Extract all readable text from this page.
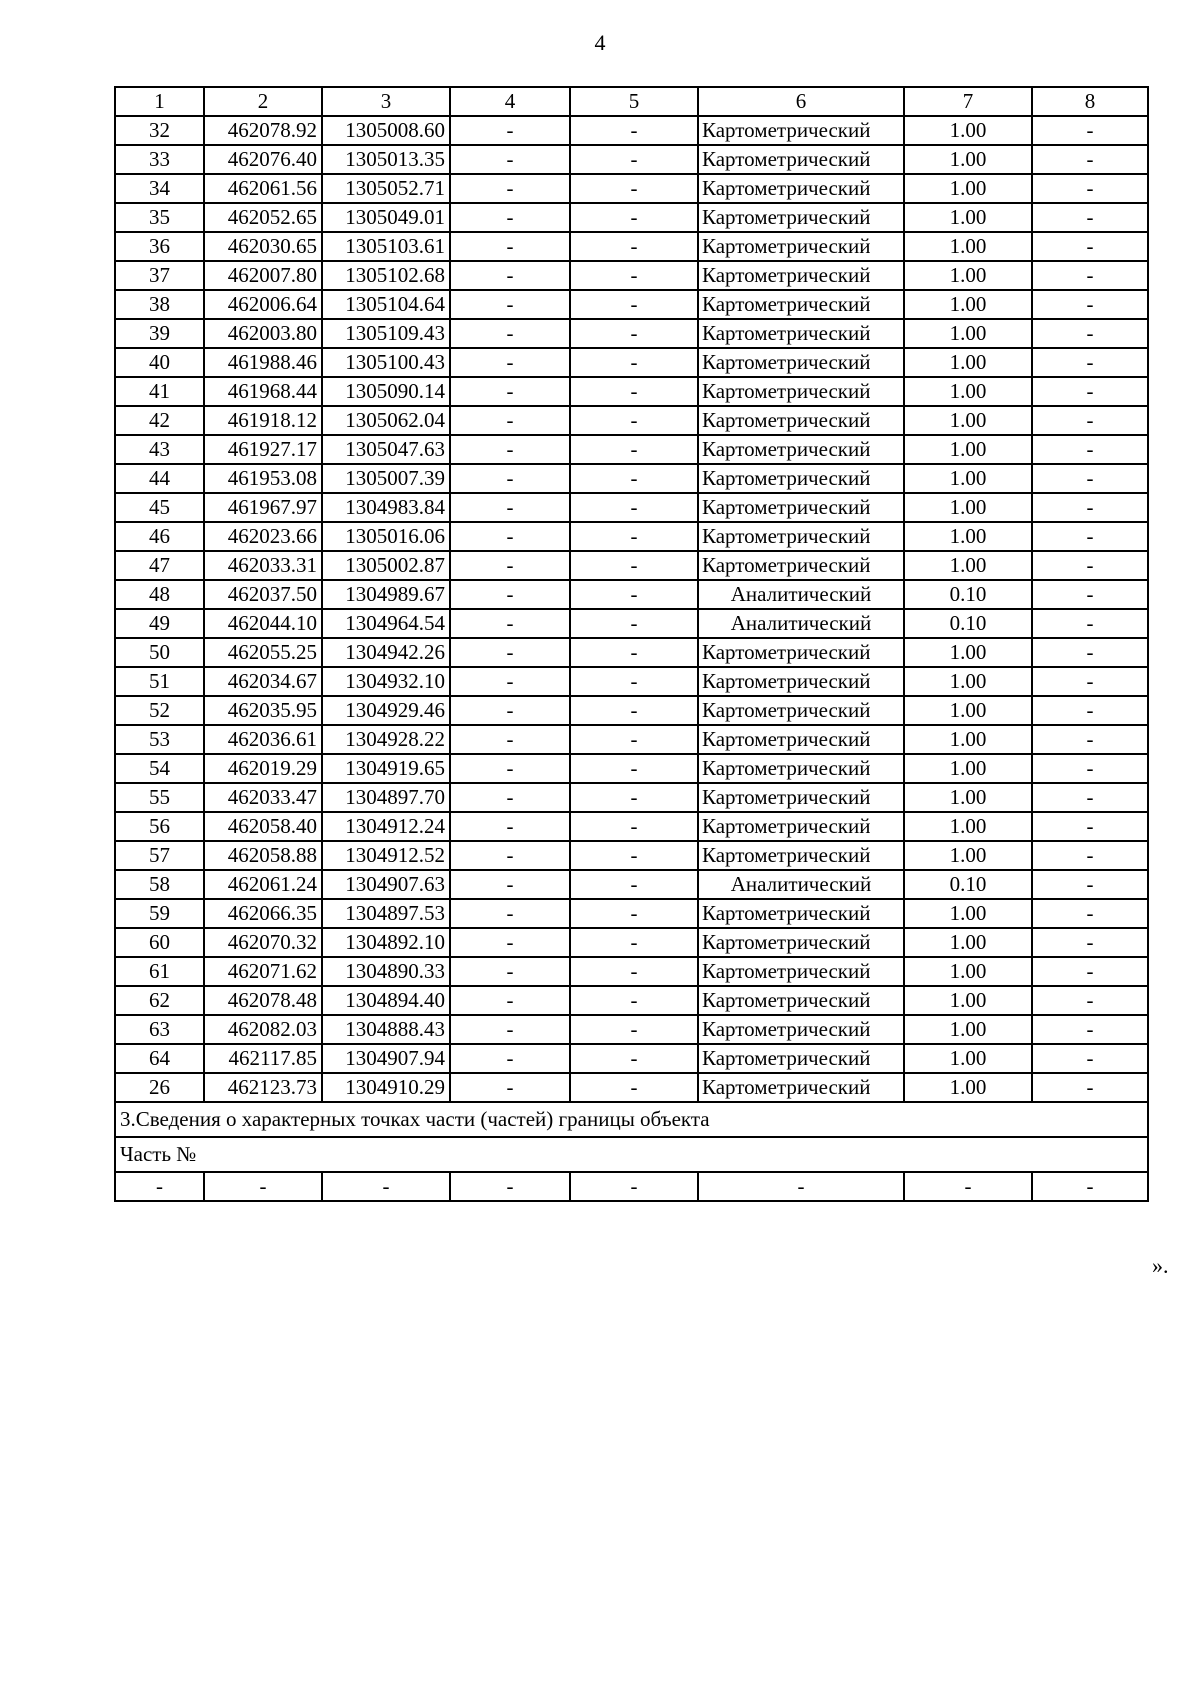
4
1	2	3	4	5	6	7	8
32	462078.92	1305008.60	-	-	Картометрический	1.00	-
33	462076.40	1305013.35	-	-	Картометрический	1.00	-
34	462061.56	1305052.71	-	-	Картометрический	1.00	-
35	462052.65	1305049.01	-	-	Картометрический	1.00	-
36	462030.65	1305103.61	-	-	Картометрический	1.00	-
37	462007.80	1305102.68	-	-	Картометрический	1.00	-
38	462006.64	1305104.64	-	-	Картометрический	1.00	-
39	462003.80	1305109.43	-	-	Картометрический	1.00	-
40	461988.46	1305100.43	-	-	Картометрический	1.00	-
41	461968.44	1305090.14	-	-	Картометрический	1.00	-
42	461918.12	1305062.04	-	-	Картометрический	1.00	-
43	461927.17	1305047.63	-	-	Картометрический	1.00	-
44	461953.08	1305007.39	-	-	Картометрический	1.00	-
45	461967.97	1304983.84	-	-	Картометрический	1.00	-
46	462023.66	1305016.06	-	-	Картометрический	1.00	-
47	462033.31	1305002.87	-	-	Картометрический	1.00	-
48	462037.50	1304989.67	-	-	Аналитический	0.10	-
49	462044.10	1304964.54	-	-	Аналитический	0.10	-
50	462055.25	1304942.26	-	-	Картометрический	1.00	-
51	462034.67	1304932.10	-	-	Картометрический	1.00	-
52	462035.95	1304929.46	-	-	Картометрический	1.00	-
53	462036.61	1304928.22	-	-	Картометрический	1.00	-
54	462019.29	1304919.65	-	-	Картометрический	1.00	-
55	462033.47	1304897.70	-	-	Картометрический	1.00	-
56	462058.40	1304912.24	-	-	Картометрический	1.00	-
57	462058.88	1304912.52	-	-	Картометрический	1.00	-
58	462061.24	1304907.63	-	-	Аналитический	0.10	-
59	462066.35	1304897.53	-	-	Картометрический	1.00	-
60	462070.32	1304892.10	-	-	Картометрический	1.00	-
61	462071.62	1304890.33	-	-	Картометрический	1.00	-
62	462078.48	1304894.40	-	-	Картометрический	1.00	-
63	462082.03	1304888.43	-	-	Картометрический	1.00	-
64	462117.85	1304907.94	-	-	Картометрический	1.00	-
26	462123.73	1304910.29	-	-	Картометрический	1.00	-
3.Сведения о характерных точках части (частей) границы объекта							
Часть №							
-	-	-	-	-	-	-	-
».
